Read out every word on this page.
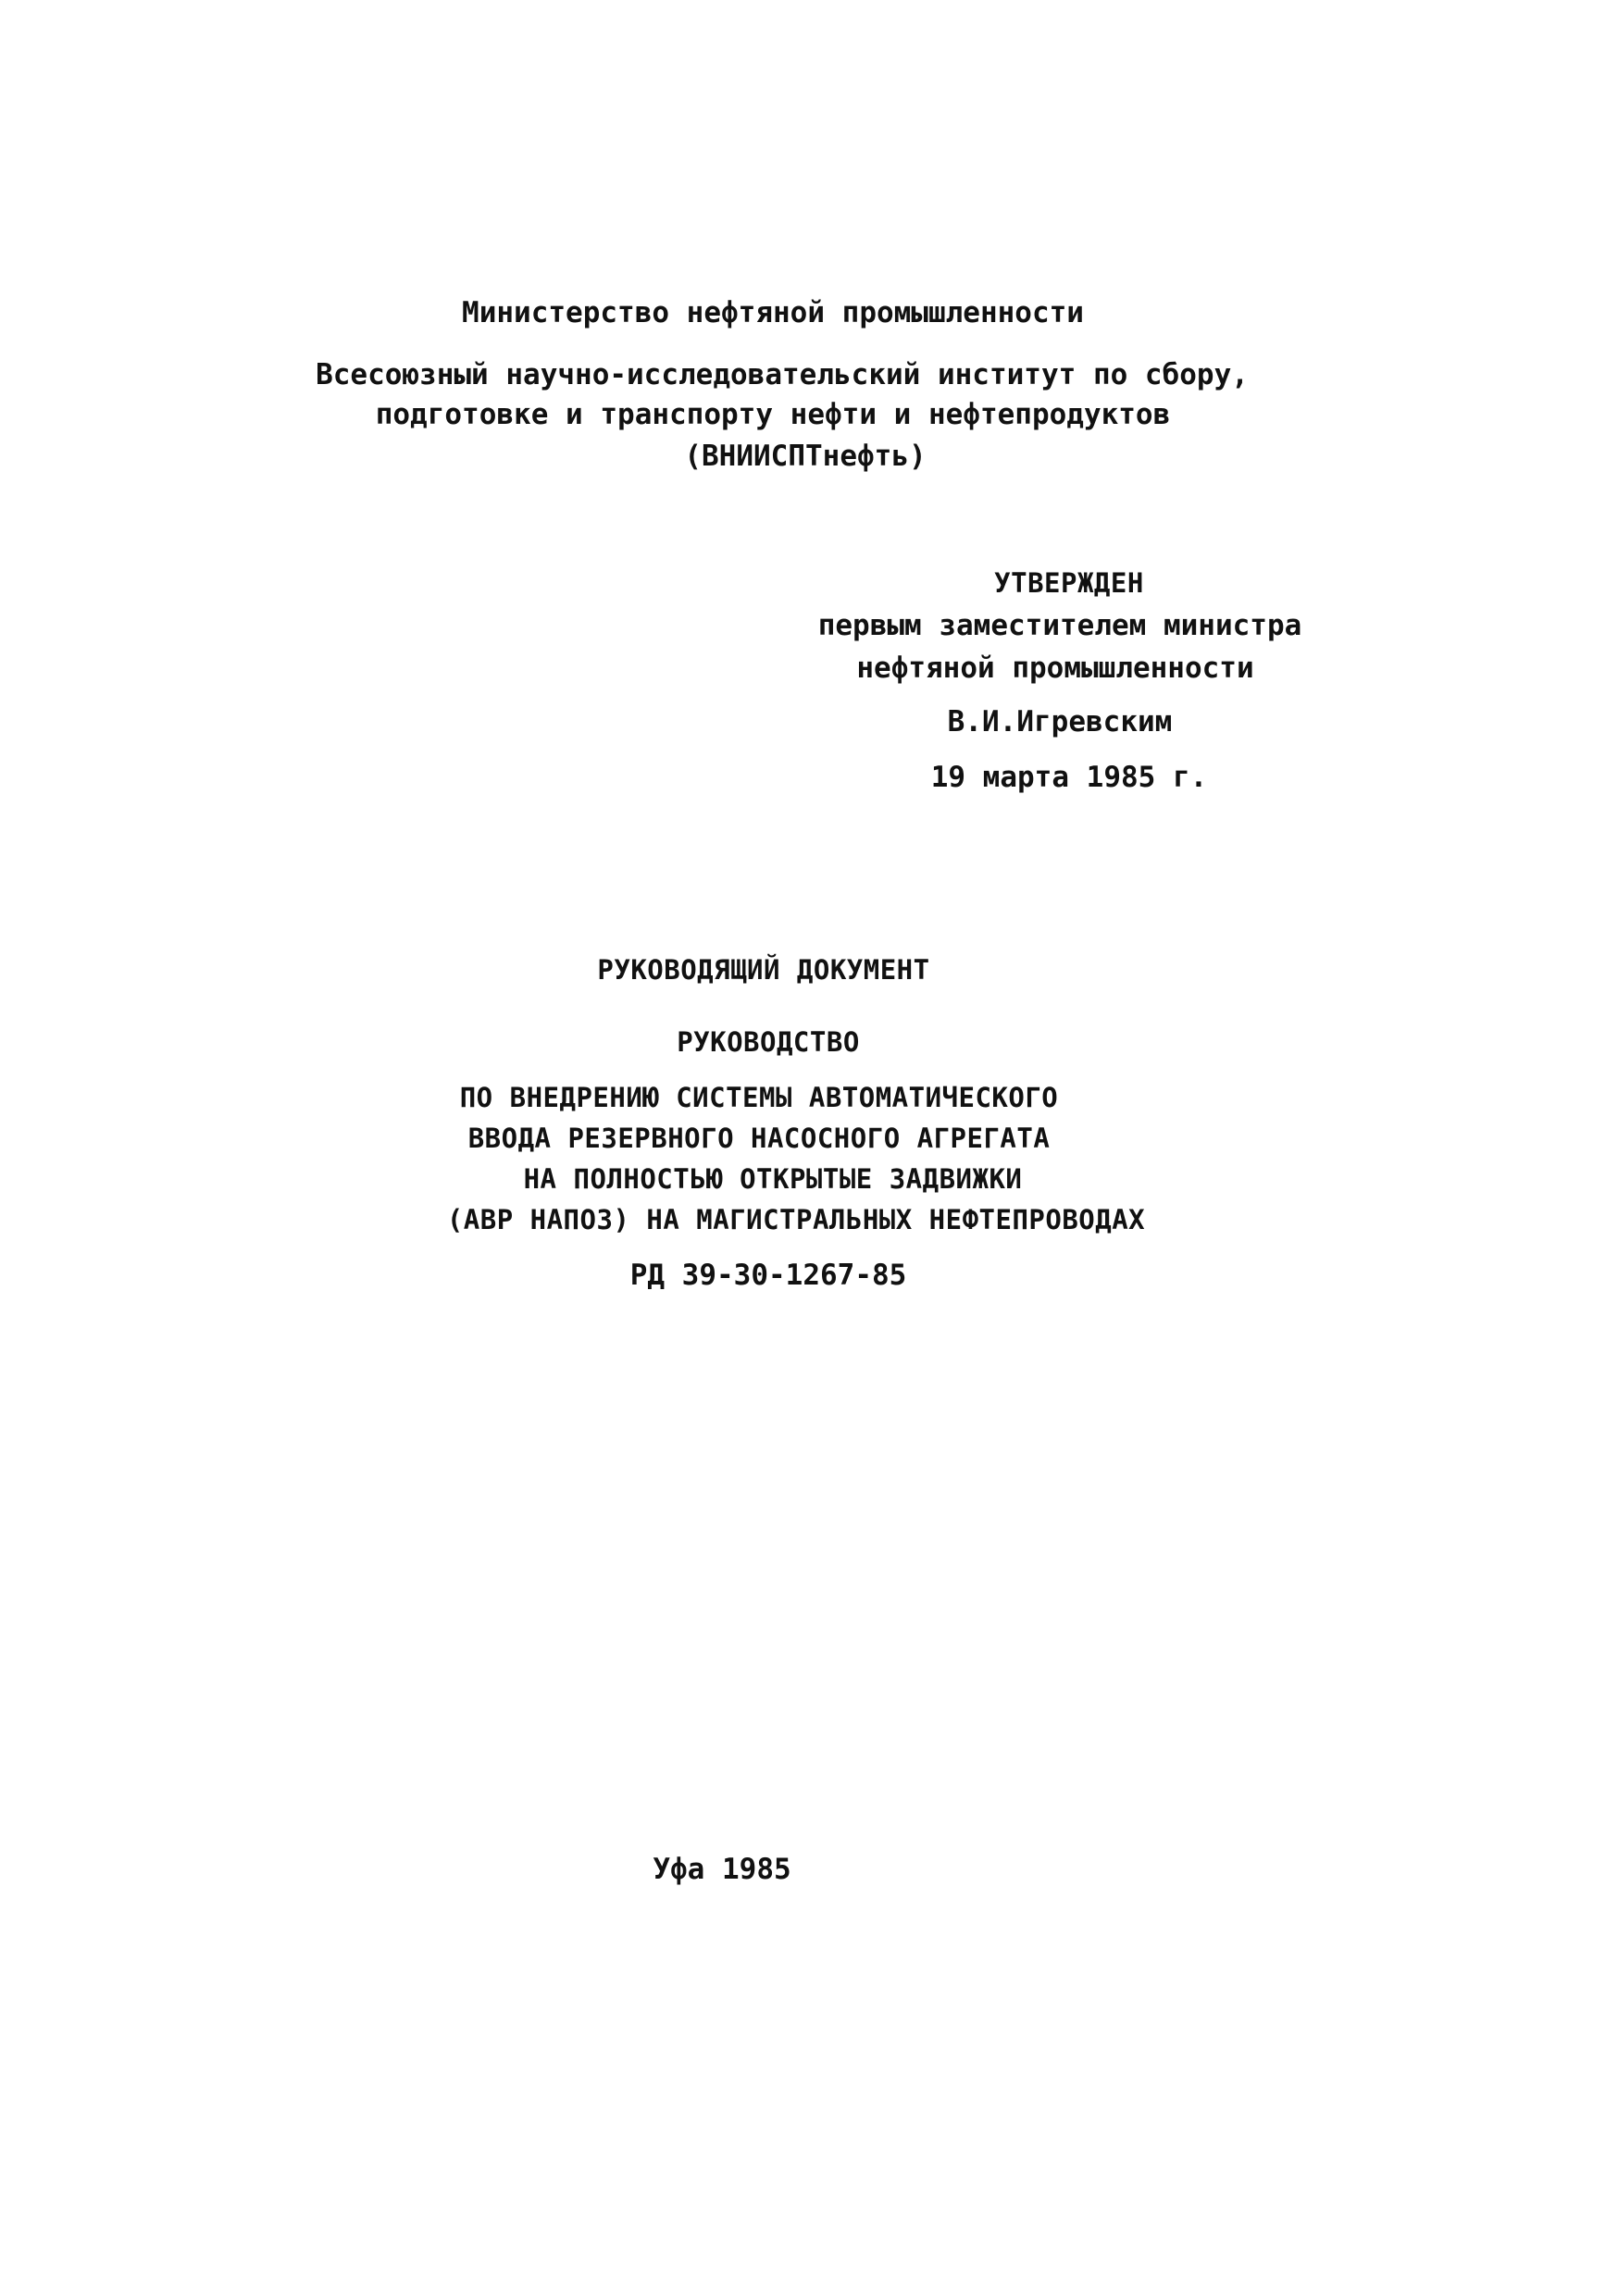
Министерство нефтяной промышленности
Всесоюзный научно-исследовательский институт по сбору,
подготовке и транспорту нефти и нефтепродуктов
(ВНИИСПТнефть)
УТВЕРЖДЕН
первым заместителем министра
нефтяной промышленности
В.И.Игревским
19 марта 1985 г.
РУКОВОДЯЩИЙ ДОКУМЕНТ
РУКОВОДСТВО
ПО ВНЕДРЕНИЮ СИСТЕМЫ АВТОМАТИЧЕСКОГО
ВВОДА РЕЗЕРВНОГО НАСОСНОГО АГРЕГАТА
НА ПОЛНОСТЬЮ ОТКРЫТЫЕ ЗАДВИЖКИ
(АВР НАПОЗ) НА МАГИСТРАЛЬНЫХ НЕФТЕПРОВОДАХ
РД 39-30-1267-85
Уфа 1985
